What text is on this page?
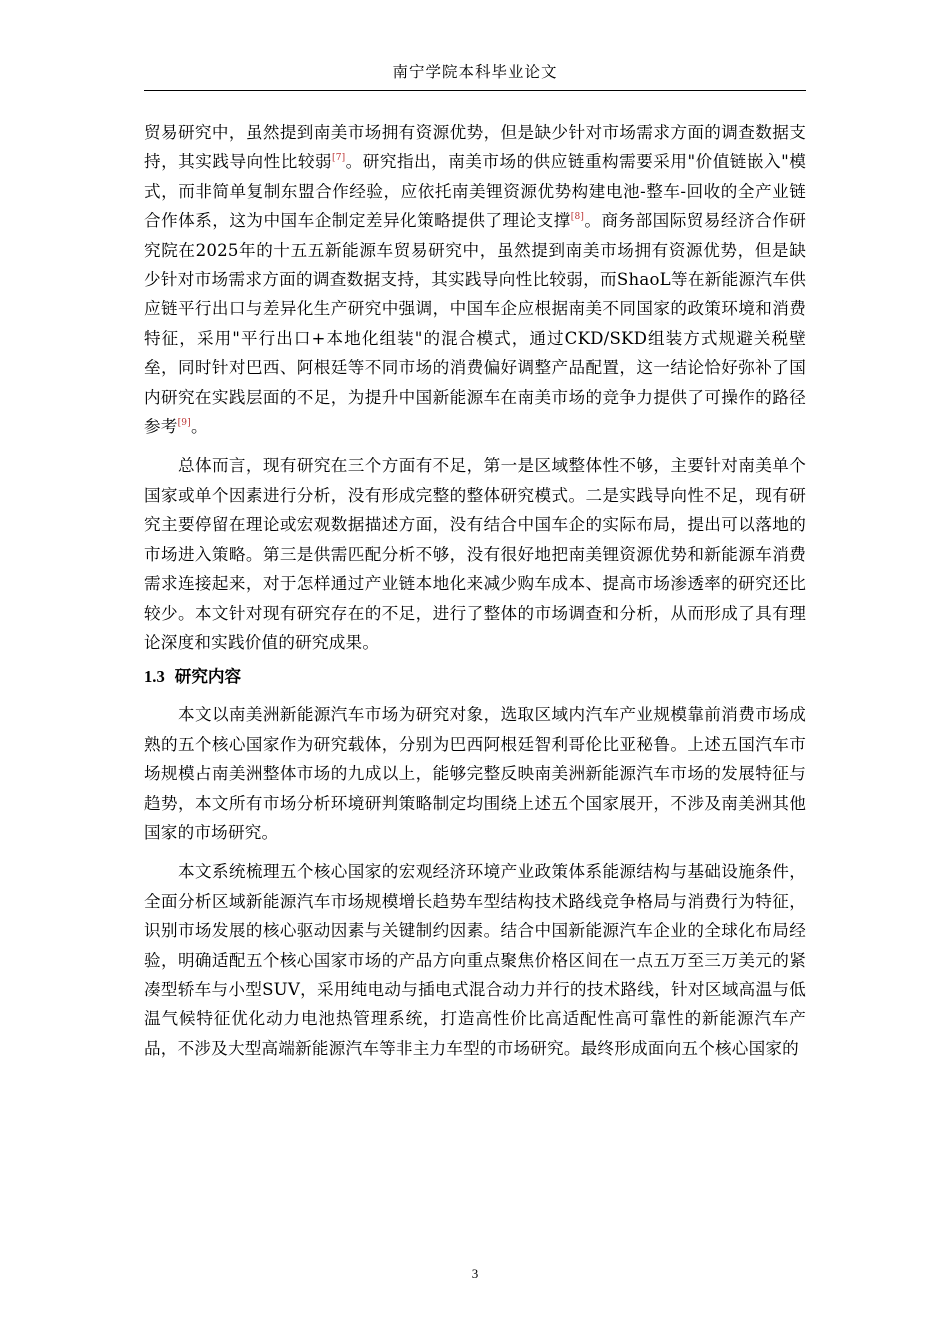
南宁学院本科毕业论文

贸易研究中，虽然提到南美市场拥有资源优势，但是缺少针对市场需求方面的调查数据支持，其实践导向性比较弱[7]。研究指出，南美市场的供应链重构需要采用"价值链嵌入"模式，而非简单复制东盟合作经验，应依托南美锂资源优势构建电池-整车-回收的全产业链合作体系，这为中国车企制定差异化策略提供了理论支撑[8]。商务部国际贸易经济合作研究院在2025年的十五五新能源车贸易研究中，虽然提到南美市场拥有资源优势，但是缺少针对市场需求方面的调查数据支持，其实践导向性比较弱，而ShaoL等在新能源汽车供应链平行出口与差异化生产研究中强调，中国车企应根据南美不同国家的政策环境和消费特征，采用"平行出口+本地化组装"的混合模式，通过CKD/SKD组装方式规避关税壁垒，同时针对巴西、阿根廷等不同市场的消费偏好调整产品配置，这一结论恰好弥补了国内研究在实践层面的不足，为提升中国新能源车在南美市场的竞争力提供了可操作的路径参考[9]。

总体而言，现有研究在三个方面有不足，第一是区域整体性不够，主要针对南美单个国家或单个因素进行分析，没有形成完整的整体研究模式。二是实践导向性不足，现有研究主要停留在理论或宏观数据描述方面，没有结合中国车企的实际布局，提出可以落地的市场进入策略。第三是供需匹配分析不够，没有很好地把南美锂资源优势和新能源车消费需求连接起来，对于怎样通过产业链本地化来减少购车成本、提高市场渗透率的研究还比较少。本文针对现有研究存在的不足，进行了整体的市场调查和分析，从而形成了具有理论深度和实践价值的研究成果。

1.3 研究内容

本文以南美洲新能源汽车市场为研究对象，选取区域内汽车产业规模靠前消费市场成熟的五个核心国家作为研究载体，分别为巴西阿根廷智利哥伦比亚秘鲁。上述五国汽车市场规模占南美洲整体市场的九成以上，能够完整反映南美洲新能源汽车市场的发展特征与趋势，本文所有市场分析环境研判策略制定均围绕上述五个国家展开，不涉及南美洲其他国家的市场研究。

本文系统梳理五个核心国家的宏观经济环境产业政策体系能源结构与基础设施条件，全面分析区域新能源汽车市场规模增长趋势车型结构技术路线竞争格局与消费行为特征，识别市场发展的核心驱动因素与关键制约因素。结合中国新能源汽车企业的全球化布局经验，明确适配五个核心国家市场的产品方向重点聚焦价格区间在一点五万至三万美元的紧凑型轿车与小型SUV，采用纯电动与插电式混合动力并行的技术路线，针对区域高温与低温气候特征优化动力电池热管理系统，打造高性价比高适配性高可靠性的新能源汽车产品，不涉及大型高端新能源汽车等非主力车型的市场研究。最终形成面向五个核心国家的

3
